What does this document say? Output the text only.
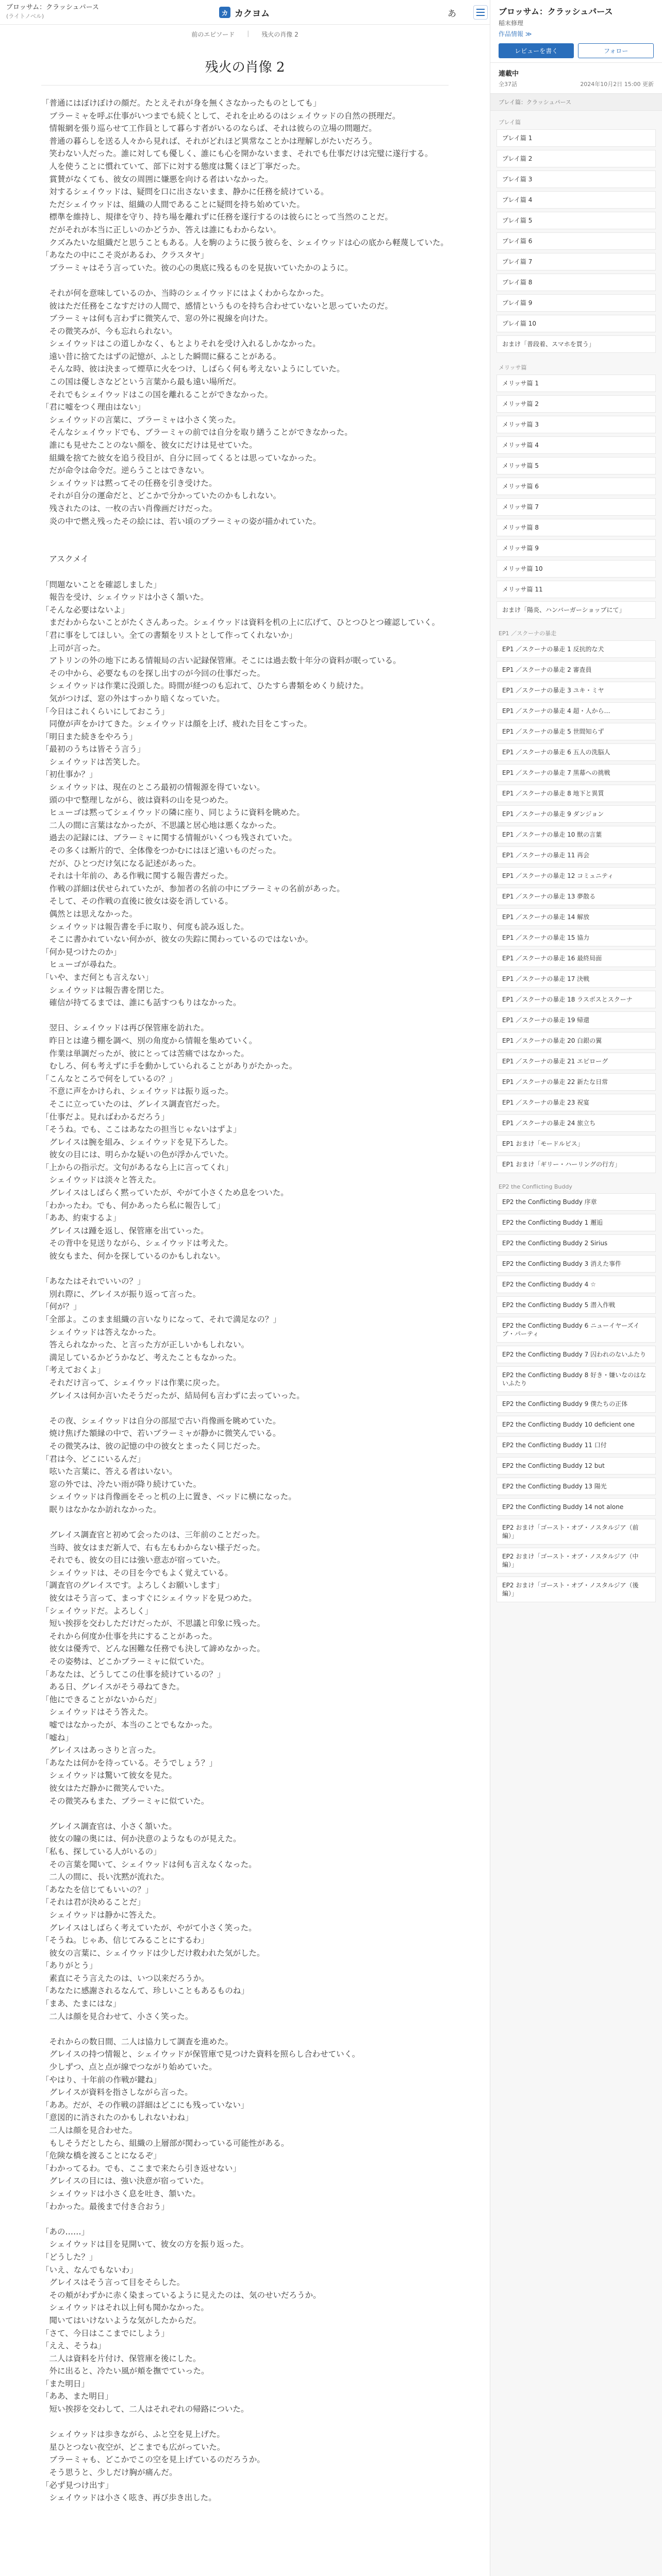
ブロッサム：クラッシュパース
(ライトノベル)	カ カクヨム	あ
前のエピソード | 残火の肖像 2
残火の肖像 2

「普通にはぼけぼけの顔だ。たとえそれが身を無くさなかったものとしても」

　ブラーミャを呼ぶ仕事がいつまでも続くとして、それを止めるのはシェイウッドの自然の摂理だ。

　情報網を張り巡らせて工作員として暮らす者がいるのならば、それは彼らの立場の問題だ。

　普通の暮らしを送る人々から見れば、それがどれほど異常なことかは理解しがたいだろう。

　笑わない人だった。誰に対しても優しく、誰にも心を開かないまま、それでも仕事だけは完璧に遂行する。

　人を使うことに慣れていて、部下に対する態度は驚くほど丁寧だった。

　賞賛がなくても、彼女の周囲に嫌悪を向ける者はいなかった。

　対するシェイウッドは、疑問を口に出さないまま、静かに任務を続けている。

　ただシェイウッドは、組織の人間であることに疑問を持ち始めていた。

　標準を維持し、規律を守り、持ち場を離れずに任務を遂行するのは彼らにとって当然のことだ。

　だがそれが本当に正しいのかどうか、答えは誰にもわからない。

　クズみたいな組織だと思うこともある。人を駒のように扱う彼らを、シェイウッドは心の底から軽蔑していた。

「あなたの中にこそ炎があるわ、クラスタヤ」

　ブラーミャはそう言っていた。彼の心の奥底に残るものを見抜いていたかのように。

　それが何を意味しているのか、当時のシェイウッドにはよくわからなかった。

　彼はただ任務をこなすだけの人間で、感情というものを持ち合わせていないと思っていたのだ。

　ブラーミャは何も言わずに微笑んで、窓の外に視線を向けた。

　その微笑みが、今も忘れられない。

　シェイウッドはこの道しかなく、もとよりそれを受け入れるしかなかった。

　遠い昔に捨てたはずの記憶が、ふとした瞬間に蘇ることがある。

　そんな時、彼は決まって煙草に火をつけ、しばらく何も考えないようにしていた。

　この国は優しさなどという言葉から最も遠い場所だ。

　それでもシェイウッドはこの国を離れることができなかった。

「君に嘘をつく理由はない」

　シェイウッドの言葉に、ブラーミャは小さく笑った。

　そんなシェイウッドでも、ブラーミャの前では自分を取り繕うことができなかった。

　誰にも見せたことのない顔を、彼女にだけは見せていた。

　組織を捨てた彼女を追う役目が、自分に回ってくるとは思っていなかった。

　だが命令は命令だ。逆らうことはできない。

　シェイウッドは黙ってその任務を引き受けた。

　それが自分の運命だと、どこかで分かっていたのかもしれない。

　残されたのは、一枚の古い肖像画だけだった。

　炎の中で燃え残ったその絵には、若い頃のブラーミャの姿が描かれていた。

　アスクメイ

「問題ないことを確認しました」

　報告を受け、シェイウッドは小さく頷いた。

「そんな必要はないよ」

　まだわからないことがたくさんあった。シェイウッドは資料を机の上に広げて、ひとつひとつ確認していく。

「君に事をしてほしい。全ての書類をリストとして作ってくれないか」

　上司が言った。

　アトリンの外の地下にある情報局の古い記録保管庫。そこには過去数十年分の資料が眠っている。

　その中から、必要なものを探し出すのが今回の仕事だった。

　シェイウッドは作業に没頭した。時間が経つのも忘れて、ひたすら書類をめくり続けた。

　気がつけば、窓の外はすっかり暗くなっていた。

「今日はこれくらいにしておこう」

　同僚が声をかけてきた。シェイウッドは顔を上げ、疲れた目をこすった。

「明日また続きをやろう」

「最初のうちは皆そう言う」

　シェイウッドは苦笑した。

「初仕事か？」

　シェイウッドは、現在のところ最初の情報源を得ていない。

　頭の中で整理しながら、彼は資料の山を見つめた。

　ヒューゴは黙ってシェイウッドの隣に座り、同じように資料を眺めた。

　二人の間に言葉はなかったが、不思議と居心地は悪くなかった。

　過去の記録には、ブラーミャに関する情報がいくつも残されていた。

　その多くは断片的で、全体像をつかむにはほど遠いものだった。

　だが、ひとつだけ気になる記述があった。

　それは十年前の、ある作戦に関する報告書だった。

　作戦の詳細は伏せられていたが、参加者の名前の中にブラーミャの名前があった。

　そして、その作戦の直後に彼女は姿を消している。

　偶然とは思えなかった。

　シェイウッドは報告書を手に取り、何度も読み返した。

　そこに書かれていない何かが、彼女の失踪に関わっているのではないか。

「何か見つけたのか」

　ヒューゴが尋ねた。

「いや、まだ何とも言えない」

　シェイウッドは報告書を閉じた。

　確信が持てるまでは、誰にも話すつもりはなかった。

　翌日、シェイウッドは再び保管庫を訪れた。

　昨日とは違う棚を調べ、別の角度から情報を集めていく。

　作業は単調だったが、彼にとっては苦痛ではなかった。

　むしろ、何も考えずに手を動かしていられることがありがたかった。

「こんなところで何をしているの？」

　不意に声をかけられ、シェイウッドは振り返った。

　そこに立っていたのは、グレイス調査官だった。

「仕事だよ。見ればわかるだろう」

「そうね。でも、ここはあなたの担当じゃないはずよ」

　グレイスは腕を組み、シェイウッドを見下ろした。

　彼女の目には、明らかな疑いの色が浮かんでいた。

「上からの指示だ。文句があるなら上に言ってくれ」

　シェイウッドは淡々と答えた。

　グレイスはしばらく黙っていたが、やがて小さくため息をついた。

「わかったわ。でも、何かあったら私に報告して」

「ああ、約束するよ」

　グレイスは踵を返し、保管庫を出ていった。

　その背中を見送りながら、シェイウッドは考えた。

　彼女もまた、何かを探しているのかもしれない。

「あなたはそれでいいの？」

　別れ際に、グレイスが振り返って言った。

「何が？」

「全部よ。このまま組織の言いなりになって、それで満足なの？」

　シェイウッドは答えなかった。

　答えられなかった、と言った方が正しいかもしれない。

　満足しているかどうかなど、考えたこともなかった。

「考えておくよ」

　それだけ言って、シェイウッドは作業に戻った。

　グレイスは何か言いたそうだったが、結局何も言わずに去っていった。

　その夜、シェイウッドは自分の部屋で古い肖像画を眺めていた。

　焼け焦げた額縁の中で、若いブラーミャが静かに微笑んでいる。

　その微笑みは、彼の記憶の中の彼女とまったく同じだった。

「君は今、どこにいるんだ」

　呟いた言葉に、答える者はいない。

　窓の外では、冷たい雨が降り続けていた。

　シェイウッドは肖像画をそっと机の上に置き、ベッドに横になった。

　眠りはなかなか訪れなかった。

　グレイス調査官と初めて会ったのは、三年前のことだった。

　当時、彼女はまだ新人で、右も左もわからない様子だった。

　それでも、彼女の目には強い意志が宿っていた。

　シェイウッドは、その目を今でもよく覚えている。

「調査官のグレイスです。よろしくお願いします」

　彼女はそう言って、まっすぐにシェイウッドを見つめた。

「シェイウッドだ。よろしく」

　短い挨拶を交わしただけだったが、不思議と印象に残った。

　それから何度か仕事を共にすることがあった。

　彼女は優秀で、どんな困難な任務でも決して諦めなかった。

　その姿勢は、どこかブラーミャに似ていた。

「あなたは、どうしてこの仕事を続けているの？」

　ある日、グレイスがそう尋ねてきた。

「他にできることがないからだ」

　シェイウッドはそう答えた。

　嘘ではなかったが、本当のことでもなかった。

「嘘ね」

　グレイスはあっさりと言った。

「あなたは何かを待っている。そうでしょう？」

　シェイウッドは驚いて彼女を見た。

　彼女はただ静かに微笑んでいた。

　その微笑みもまた、ブラーミャに似ていた。

　グレイス調査官は、小さく頷いた。

　彼女の瞳の奥には、何か決意のようなものが見えた。

「私も、探している人がいるの」

　その言葉を聞いて、シェイウッドは何も言えなくなった。

　二人の間に、長い沈黙が流れた。

「あなたを信じてもいいの？」

「それは君が決めることだ」

　シェイウッドは静かに答えた。

　グレイスはしばらく考えていたが、やがて小さく笑った。

「そうね。じゃあ、信じてみることにするわ」

　彼女の言葉に、シェイウッドは少しだけ救われた気がした。

「ありがとう」

　素直にそう言えたのは、いつ以来だろうか。

「あなたに感謝されるなんて、珍しいこともあるものね」

「まあ、たまにはな」

　二人は顔を見合わせて、小さく笑った。

　それからの数日間、二人は協力して調査を進めた。

　グレイスの持つ情報と、シェイウッドが保管庫で見つけた資料を照らし合わせていく。

　少しずつ、点と点が線でつながり始めていた。

「やはり、十年前の作戦が鍵ね」

　グレイスが資料を指さしながら言った。

「ああ。だが、その作戦の詳細はどこにも残っていない」

「意図的に消されたのかもしれないわね」

　二人は顔を見合わせた。

　もしそうだとしたら、組織の上層部が関わっている可能性がある。

「危険な橋を渡ることになるぞ」

「わかってるわ。でも、ここまで来たら引き返せない」

　グレイスの目には、強い決意が宿っていた。

　シェイウッドは小さく息を吐き、頷いた。

「わかった。最後まで付き合おう」

「あの……」

　シェイウッドは目を見開いて、彼女の方を振り返った。

「どうした？」

「いえ、なんでもないわ」

　グレイスはそう言って目をそらした。

　その頬がわずかに赤く染まっているように見えたのは、気のせいだろうか。

　シェイウッドはそれ以上何も聞かなかった。

　聞いてはいけないような気がしたからだ。

「さて、今日はここまでにしよう」

「ええ、そうね」

　二人は資料を片付け、保管庫を後にした。

　外に出ると、冷たい風が頬を撫でていった。

「また明日」

「ああ、また明日」

　短い挨拶を交わして、二人はそれぞれの帰路についた。

　シェイウッドは歩きながら、ふと空を見上げた。

　星ひとつない夜空が、どこまでも広がっていた。

　ブラーミャも、どこかでこの空を見上げているのだろうか。

　そう思うと、少しだけ胸が痛んだ。

「必ず見つけ出す」

　シェイウッドは小さく呟き、再び歩き出した。

ブロッサム：クラッシュパース
稲末修理
作品情報 ≫
レビューを書く	フォロー
連載中
全37話	2024年10月2日 15:00 更新
プレイ篇：クラッシュパース
プレイ篇
プレイ篇 1
プレイ篇 2
プレイ篇 3
プレイ篇 4
プレイ篇 5
プレイ篇 6
プレイ篇 7
プレイ篇 8
プレイ篇 9
プレイ篇 10
おまけ「普段着、スマホを買う」
メリッサ篇
メリッサ篇 1
メリッサ篇 2
メリッサ篇 3
メリッサ篇 4
メリッサ篇 5
メリッサ篇 6
メリッサ篇 7
メリッサ篇 8
メリッサ篇 9
メリッサ篇 10
メリッサ篇 11
おまけ「陽炎、ハンバーガーショップにて」
EP1 ／スクーナの暴走
EP1 ／スクーナの暴走 1 反抗的な犬
EP1 ／スクーナの暴走 2 審査員
EP1 ／スクーナの暴走 3 ユキ・ミヤ
EP1 ／スクーナの暴走 4 超・人から…
EP1 ／スクーナの暴走 5 世間知らず
EP1 ／スクーナの暴走 6 五人の洗脳人
EP1 ／スクーナの暴走 7 黒幕への挑戦
EP1 ／スクーナの暴走 8 地下と異質
EP1 ／スクーナの暴走 9 ダンジョン
EP1 ／スクーナの暴走 10 獣の言葉
EP1 ／スクーナの暴走 11 再会
EP1 ／スクーナの暴走 12 コミュニティ
EP1 ／スクーナの暴走 13 夢散る
EP1 ／スクーナの暴走 14 解放
EP1 ／スクーナの暴走 15 協力
EP1 ／スクーナの暴走 16 最終局面
EP1 ／スクーナの暴走 17 決戦
EP1 ／スクーナの暴走 18 ラスボスとスクーナ
EP1 ／スクーナの暴走 19 帰還
EP1 ／スクーナの暴走 20 白銀の翼
EP1 ／スクーナの暴走 21 エピローグ
EP1 ／スクーナの暴走 22 新たな日常
EP1 ／スクーナの暴走 23 祝宴
EP1 ／スクーナの暴走 24 旅立ち
EP1 おまけ「モードルピス」
EP1 おまけ「ギリー・ハーリングの行方」
EP2 the Conflicting Buddy
EP2 the Conflicting Buddy 序章
EP2 the Conflicting Buddy 1 邂逅
EP2 the Conflicting Buddy 2 Sirius
EP2 the Conflicting Buddy 3 消えた事件
EP2 the Conflicting Buddy 4 ☆
EP2 the Conflicting Buddy 5 潜入作戦
EP2 the Conflicting Buddy 6 ニューイヤーズイブ・パーティ
EP2 the Conflicting Buddy 7 囚われのないふたり
EP2 the Conflicting Buddy 8 好き・嫌いなのはないふたり
EP2 the Conflicting Buddy 9 僕たちの正体
EP2 the Conflicting Buddy 10 deficient one
EP2 the Conflicting Buddy 11 口付
EP2 the Conflicting Buddy 12 but
EP2 the Conflicting Buddy 13 陽光
EP2 the Conflicting Buddy 14 not alone
EP2 おまけ「ゴースト・オブ・ノスタルジア（前編）」
EP2 おまけ「ゴースト・オブ・ノスタルジア（中編）」
EP2 おまけ「ゴースト・オブ・ノスタルジア（後編）」
